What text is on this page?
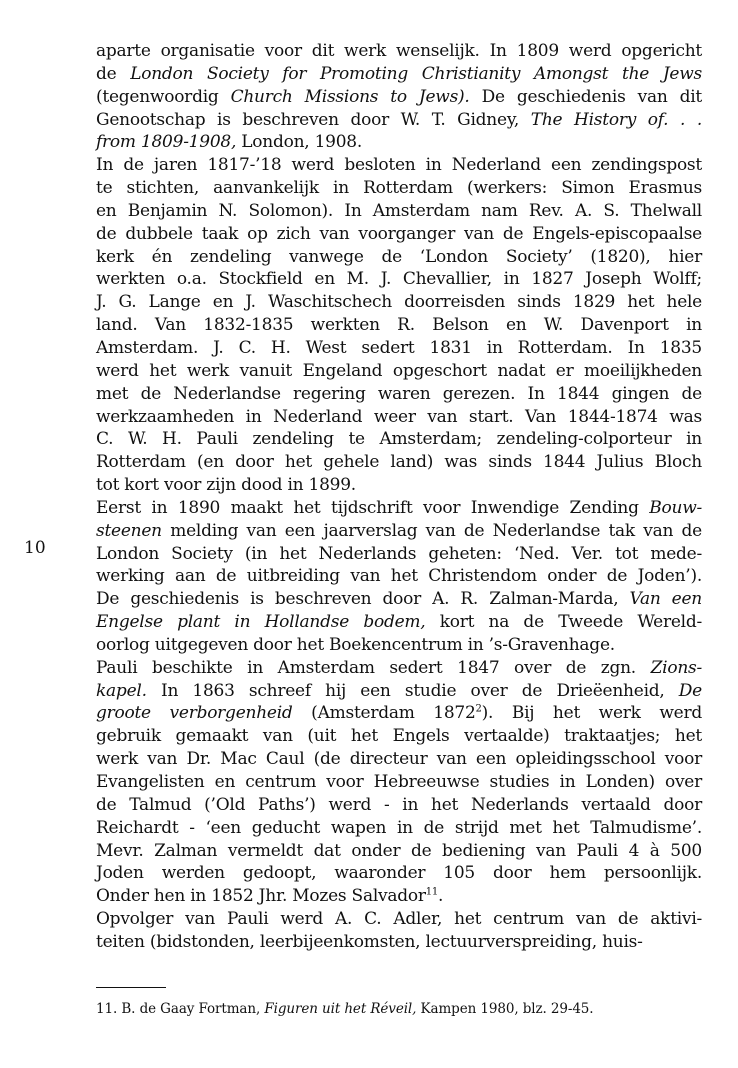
10
aparte organisatie voor dit werk wenselijk. In 1809 werd opgericht
de London Society for Promoting Christianity Amongst the Jews
(tegenwoordig Church Missions to Jews). De geschiedenis van dit
Genootschap is beschreven door W. T. Gidney, The History of. . .
from 1809-1908, London, 1908.
In de jaren 1817-’18 werd besloten in Nederland een zendingspost
te stichten, aanvankelijk in Rotterdam (werkers: Simon Erasmus
en Benjamin N. Solomon). In Amsterdam nam Rev. A. S. Thelwall
de dubbele taak op zich van voorganger van de Engels-episcopaalse
kerk én zendeling vanwege de ‘London Society’ (1820), hier
werkten o.a. Stockfield en M. J. Chevallier, in 1827 Joseph Wolff;
J. G. Lange en J. Waschitschech doorreisden sinds 1829 het hele
land. Van 1832-1835 werkten R. Belson en W. Davenport in
Amsterdam. J. C. H. West sedert 1831 in Rotterdam. In 1835
werd het werk vanuit Engeland opgeschort nadat er moeilijkheden
met de Nederlandse regering waren gerezen. In 1844 gingen de
werkzaamheden in Nederland weer van start. Van 1844-1874 was
C. W. H. Pauli zendeling te Amsterdam; zendeling-colporteur in
Rotterdam (en door het gehele land) was sinds 1844 Julius Bloch
tot kort voor zijn dood in 1899.
Eerst in 1890 maakt het tijdschrift voor Inwendige Zending Bouw-
steenen melding van een jaarverslag van de Nederlandse tak van de
London Society (in het Nederlands geheten: ‘Ned. Ver. tot mede-
werking aan de uitbreiding van het Christendom onder de Joden’).
De geschiedenis is beschreven door A. R. Zalman-Marda, Van een
Engelse plant in Hollandse bodem, kort na de Tweede Wereld-
oorlog uitgegeven door het Boekencentrum in ’s-Gravenhage.
Pauli beschikte in Amsterdam sedert 1847 over de zgn. Zions-
kapel. In 1863 schreef hij een studie over de Drieëenheid, De
groote verborgenheid (Amsterdam 1872$^2$). Bij het werk werd
gebruik gemaakt van (uit het Engels vertaalde) traktaatjes; het
werk van Dr. Mac Caul (de directeur van een opleidingsschool voor
Evangelisten en centrum voor Hebreeuwse studies in Londen) over
de Talmud (’Old Paths’) werd - in het Nederlands vertaald door
Reichardt - ‘een geducht wapen in de strijd met het Talmudisme’.
Mevr. Zalman vermeldt dat onder de bediening van Pauli 4 à 500
Joden werden gedoopt, waaronder 105 door hem persoonlijk.
Onder hen in 1852 Jhr. Mozes Salvador$^{11}$.
Opvolger van Pauli werd A. C. Adler, het centrum van de aktivi-
teiten (bidstonden, leerbijeenkomsten, lectuurverspreiding, huis-
11. B. de Gaay Fortman, Figuren uit het Réveil, Kampen 1980, blz. 29-45.
